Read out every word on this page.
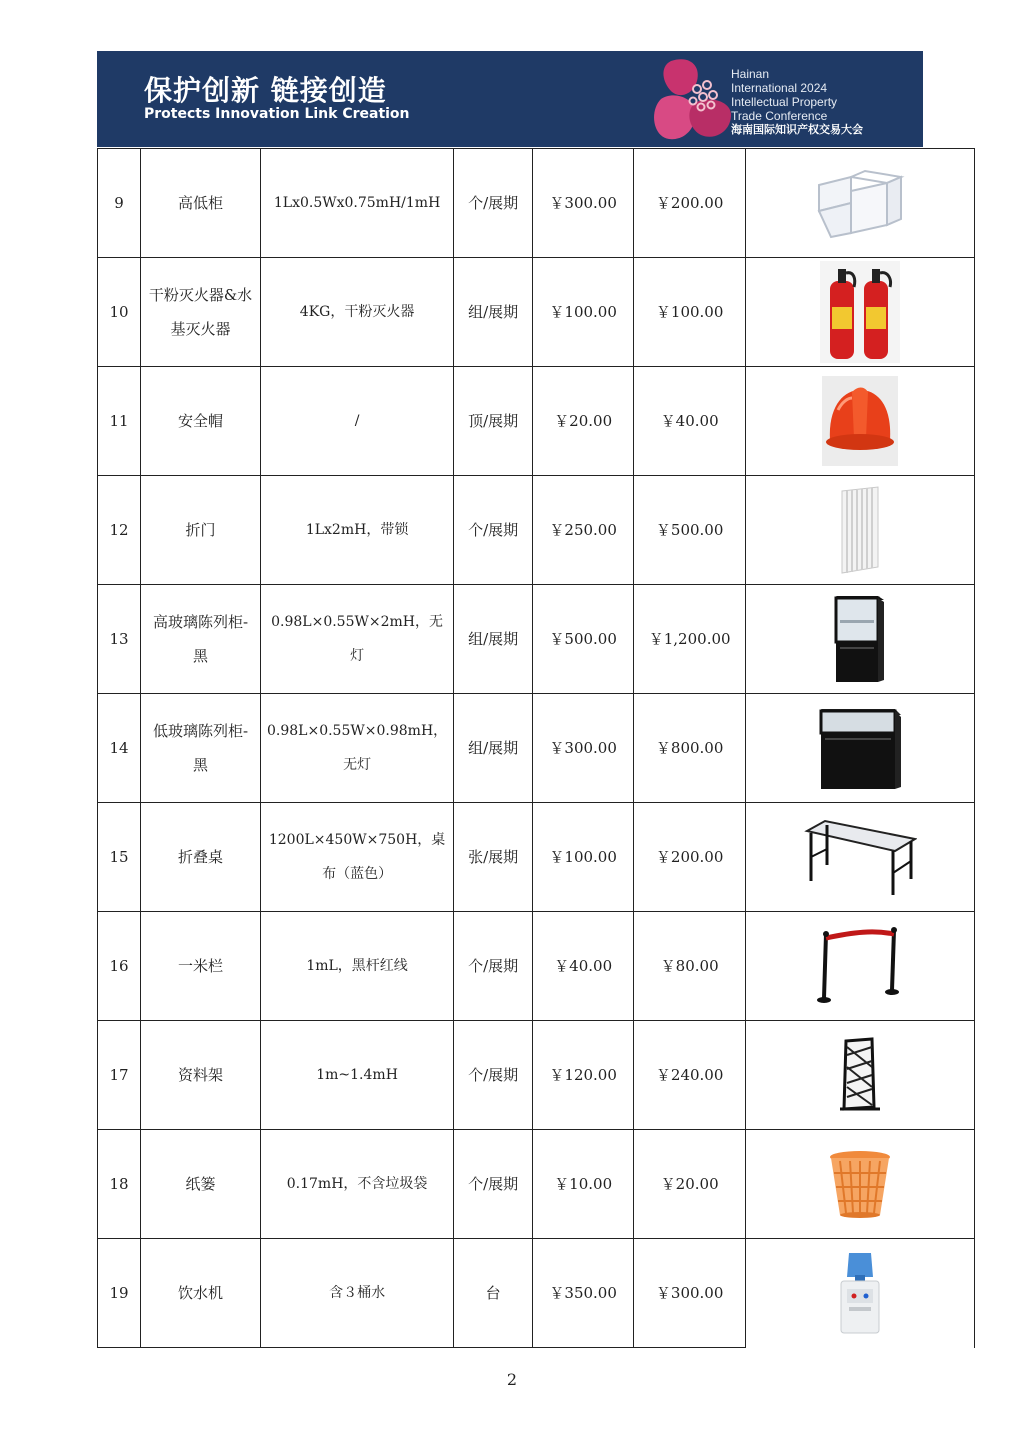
保护创新 链接创造
Protects Innovation Link Creation
Hainan
International 2024
Intellectual Property
Trade Conference
海南国际知识产权交易大会
9	高低柜	1Lx0.5Wx0.75mH/1mH	个/展期	￥300.00	￥200.00	

10	干粉灭火器&水基灭火器	4KG，干粉灭火器	组/展期	￥100.00	￥100.00	

11	安全帽	/	顶/展期	￥20.00	￥40.00	

12	折门	1Lx2mH，带锁	个/展期	￥250.00	￥500.00	

13	高玻璃陈列柜-黑	0.98L×0.55W×2mH，无灯	组/展期	￥500.00	￥1,200.00	

14	低玻璃陈列柜-黑	0.98L×0.55W×0.98mH，无灯	组/展期	￥300.00	￥800.00	

15	折叠桌	1200L×450W×750H，桌布（蓝色）	张/展期	￥100.00	￥200.00	

16	一米栏	1mL，黑杆红线	个/展期	￥40.00	￥80.00	

17	资料架	1m~1.4mH	个/展期	￥120.00	￥240.00	

18	纸篓	0.17mH，不含垃圾袋	个/展期	￥10.00	￥20.00	

19	饮水机	含３桶水	台	￥350.00	￥300.00	
2
